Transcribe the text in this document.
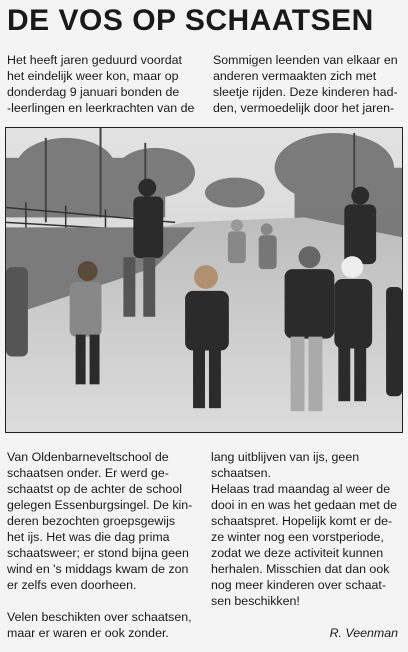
DE VOS OP SCHAATSEN

Het heeft jaren geduurd voordat

het eindelijk weer kon, maar op

donderdag 9 januari bonden de

-leerlingen en leerkrachten van de

Sommigen leenden van elkaar en

anderen vermaakten zich met

sleetje rijden. Deze kinderen had-

den, vermoedelijk door het jaren-

Van Oldenbarneveltschool de

schaatsen onder. Er werd ge-

schaatst op de achter de school

gelegen Essenburgsingel. De kin-

deren bezochten groepsgewijs

het ijs. Het was die dag prima

schaatsweer; er stond bijna geen

wind en 's middags kwam de zon

er zelfs even doorheen.

Velen beschikten over schaatsen,

maar er waren er ook zonder.

lang uitblijven van ijs, geen

schaatsen.

Helaas trad maandag al weer de

dooi in en was het gedaan met de

schaatspret. Hopelijk komt er de-

ze winter nog een vorstperiode,

zodat we deze activiteit kunnen

herhalen. Misschien dat dan ook

nog meer kinderen over schaat-

sen beschikken!

R. Veenman
